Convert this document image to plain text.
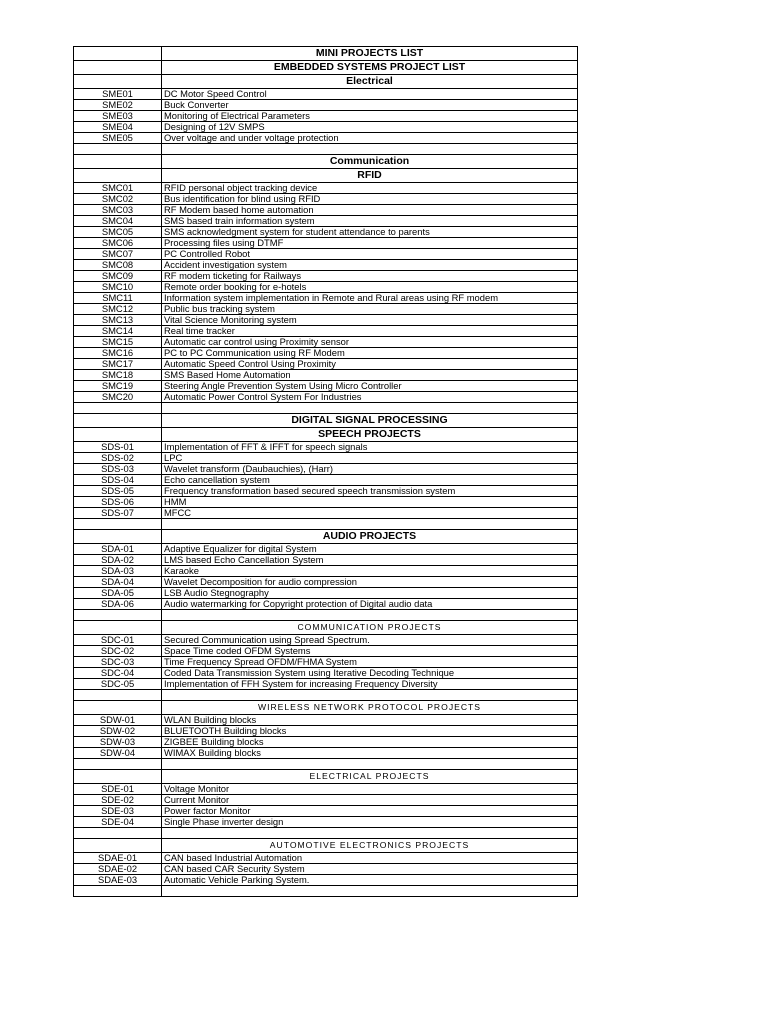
	MINI PROJECTS LIST
	EMBEDDED SYSTEMS PROJECT LIST
	Electrical
SME01	DC Motor Speed Control
SME02	Buck Converter
SME03	Monitoring of Electrical Parameters
SME04	Designing of 12V SMPS
SME05	Over voltage and under voltage protection

	Communication
	RFID
SMC01	RFID personal object tracking device
SMC02	Bus identification for blind using RFID
SMC03	RF Modem based home automation
SMC04	SMS based train information system
SMC05	SMS acknowledgment system for student attendance to parents
SMC06	Processing files using DTMF
SMC07	PC Controlled Robot
SMC08	Accident investigation system
SMC09	RF modem ticketing for Railways
SMC10	Remote order booking for e-hotels
SMC11	Information system implementation in Remote and Rural areas using RF modem
SMC12	Public bus tracking system
SMC13	Vital Science Monitoring system
SMC14	Real time tracker
SMC15	Automatic car control using Proximity sensor
SMC16	PC to PC Communication using RF Modem
SMC17	Automatic Speed Control Using Proximity
SMC18	SMS Based Home Automation
SMC19	Steering Angle Prevention System Using Micro Controller
SMC20	Automatic Power Control System For Industries

	DIGITAL SIGNAL PROCESSING
	SPEECH PROJECTS
SDS-01	Implementation of FFT & IFFT for speech signals
SDS-02	LPC
SDS-03	Wavelet transform (Daubauchies), (Harr)
SDS-04	Echo cancellation system
SDS-05	Frequency transformation based secured speech transmission system
SDS-06	HMM
SDS-07	MFCC

	AUDIO PROJECTS
SDA-01	Adaptive Equalizer for digital System
SDA-02	LMS based Echo Cancellation System
SDA-03	Karaoke
SDA-04	Wavelet Decomposition for audio compression
SDA-05	LSB Audio Stegnography
SDA-06	Audio watermarking for Copyright protection of Digital audio data

	COMMUNICATION PROJECTS
SDC-01	Secured Communication using Spread Spectrum.
SDC-02	Space Time coded OFDM Systems
SDC-03	Time Frequency Spread OFDM/FHMA System
SDC-04	Coded Data Transmission System using Iterative Decoding Technique
SDC-05	Implementation of FFH System for increasing Frequency Diversity

	WIRELESS NETWORK PROTOCOL PROJECTS
SDW-01	WLAN Building blocks
SDW-02	BLUETOOTH Building blocks
SDW-03	ZIGBEE Building blocks
SDW-04	WIMAX Building blocks

	ELECTRICAL PROJECTS
SDE-01	Voltage Monitor
SDE-02	Current Monitor
SDE-03	Power factor Monitor
SDE-04	Single Phase inverter design

	AUTOMOTIVE ELECTRONICS PROJECTS
SDAE-01	CAN based Industrial Automation
SDAE-02	CAN based CAR Security System
SDAE-03	Automatic Vehicle Parking System.
